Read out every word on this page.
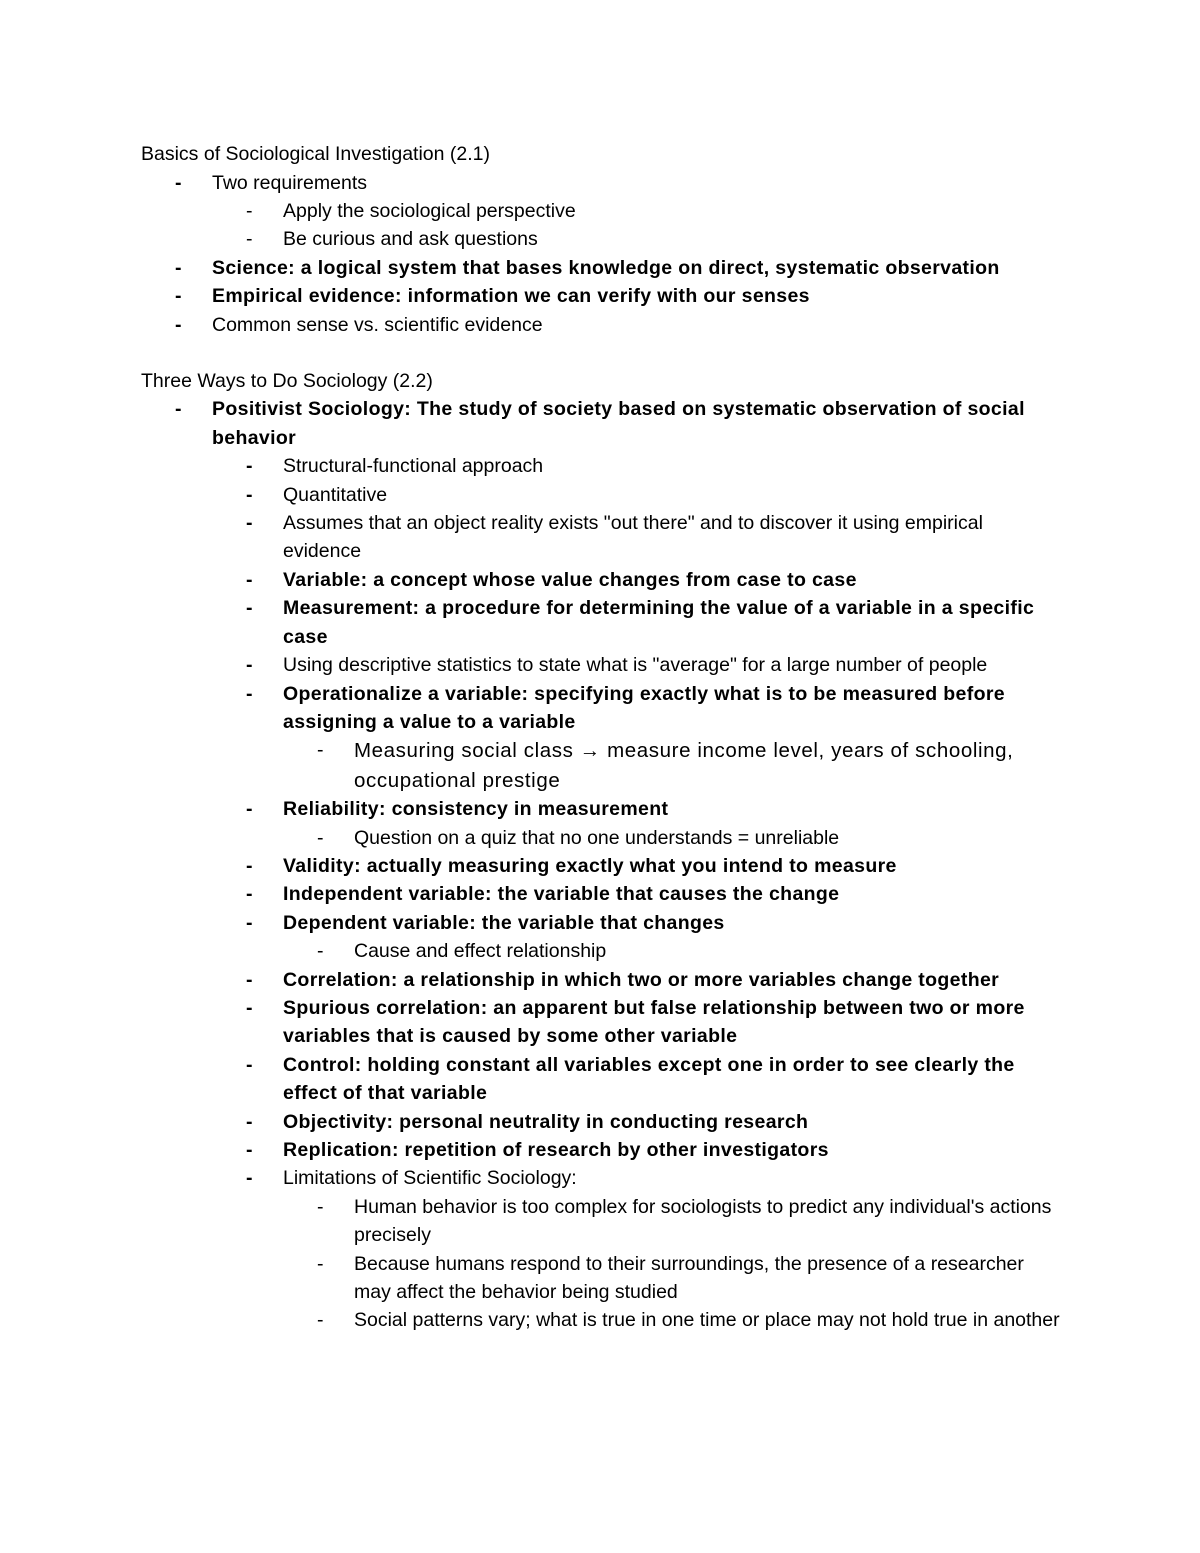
Basics of Sociological Investigation (2.1)

-	Two requirements
-	Apply the sociological perspective
-	Be curious and ask questions
-	Science: a logical system that bases knowledge on direct, systematic observation
-	Empirical evidence: information we can verify with our senses
-	Common sense vs. scientific evidence

Three Ways to Do Sociology (2.2)

-	Positivist Sociology: The study of society based on systematic observation of social behavior
-	Structural-functional approach
-	Quantitative
-	Assumes that an object reality exists "out there" and to discover it using empirical evidence
-	Variable: a concept whose value changes from case to case
-	Measurement: a procedure for determining the value of a variable in a specific case
-	Using descriptive statistics to state what is "average" for a large number of people
-	Operationalize a variable: specifying exactly what is to be measured before assigning a value to a variable
-	Measuring social class → measure income level, years of schooling, occupational prestige
-	Reliability: consistency in measurement
-	Question on a quiz that no one understands = unreliable
-	Validity: actually measuring exactly what you intend to measure
-	Independent variable: the variable that causes the change
-	Dependent variable: the variable that changes
-	Cause and effect relationship
-	Correlation: a relationship in which two or more variables change together
-	Spurious correlation: an apparent but false relationship between two or more variables that is caused by some other variable
-	Control: holding constant all variables except one in order to see clearly the effect of that variable
-	Objectivity: personal neutrality in conducting research
-	Replication: repetition of research by other investigators
-	Limitations of Scientific Sociology:
-	Human behavior is too complex for sociologists to predict any individual's actions precisely
-	Because humans respond to their surroundings, the presence of a researcher may affect the behavior being studied
-	Social patterns vary; what is true in one time or place may not hold true in another
